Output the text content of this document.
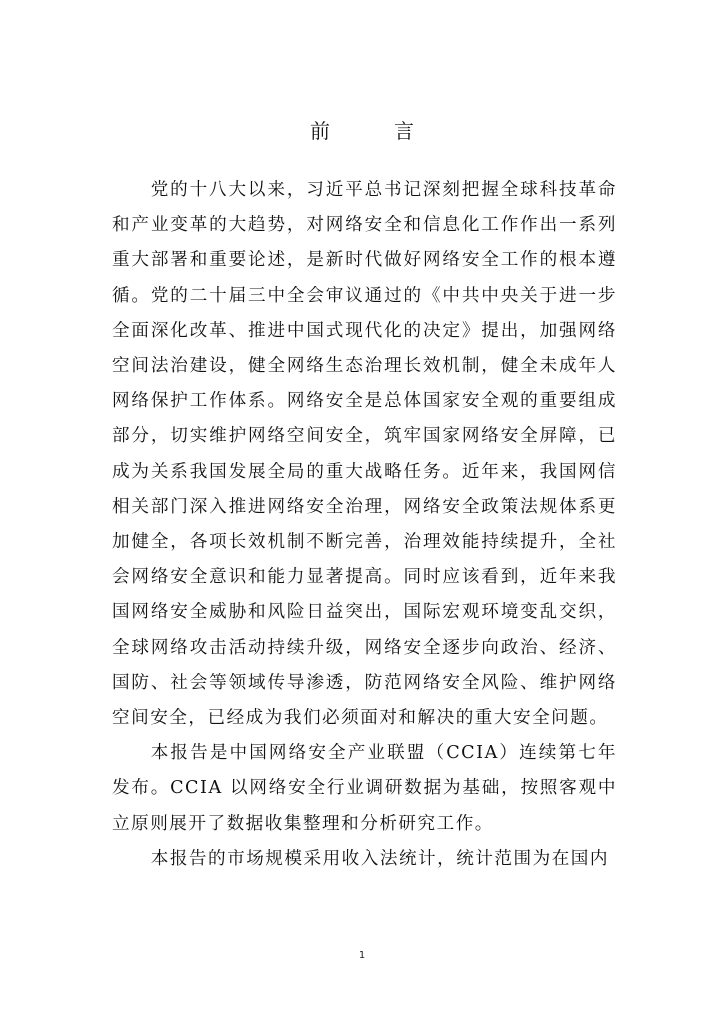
前　言

党的十八大以来，习近平总书记深刻把握全球科技革命和产业变革的大趋势，对网络安全和信息化工作作出一系列重大部署和重要论述，是新时代做好网络安全工作的根本遵循。党的二十届三中全会审议通过的《中共中央关于进一步全面深化改革、推进中国式现代化的决定》提出，加强网络空间法治建设，健全网络生态治理长效机制，健全未成年人网络保护工作体系。网络安全是总体国家安全观的重要组成部分，切实维护网络空间安全，筑牢国家网络安全屏障，已成为关系我国发展全局的重大战略任务。近年来，我国网信相关部门深入推进网络安全治理，网络安全政策法规体系更加健全，各项长效机制不断完善，治理效能持续提升，全社会网络安全意识和能力显著提高。同时应该看到，近年来我国网络安全威胁和风险日益突出，国际宏观环境变乱交织，全球网络攻击活动持续升级，网络安全逐步向政治、经济、国防、社会等领域传导渗透，防范网络安全风险、维护网络空间安全，已经成为我们必须面对和解决的重大安全问题。

本报告是中国网络安全产业联盟（CCIA）连续第七年发布。CCIA 以网络安全行业调研数据为基础，按照客观中立原则展开了数据收集整理和分析研究工作。

本报告的市场规模采用收入法统计，统计范围为在国内

1
